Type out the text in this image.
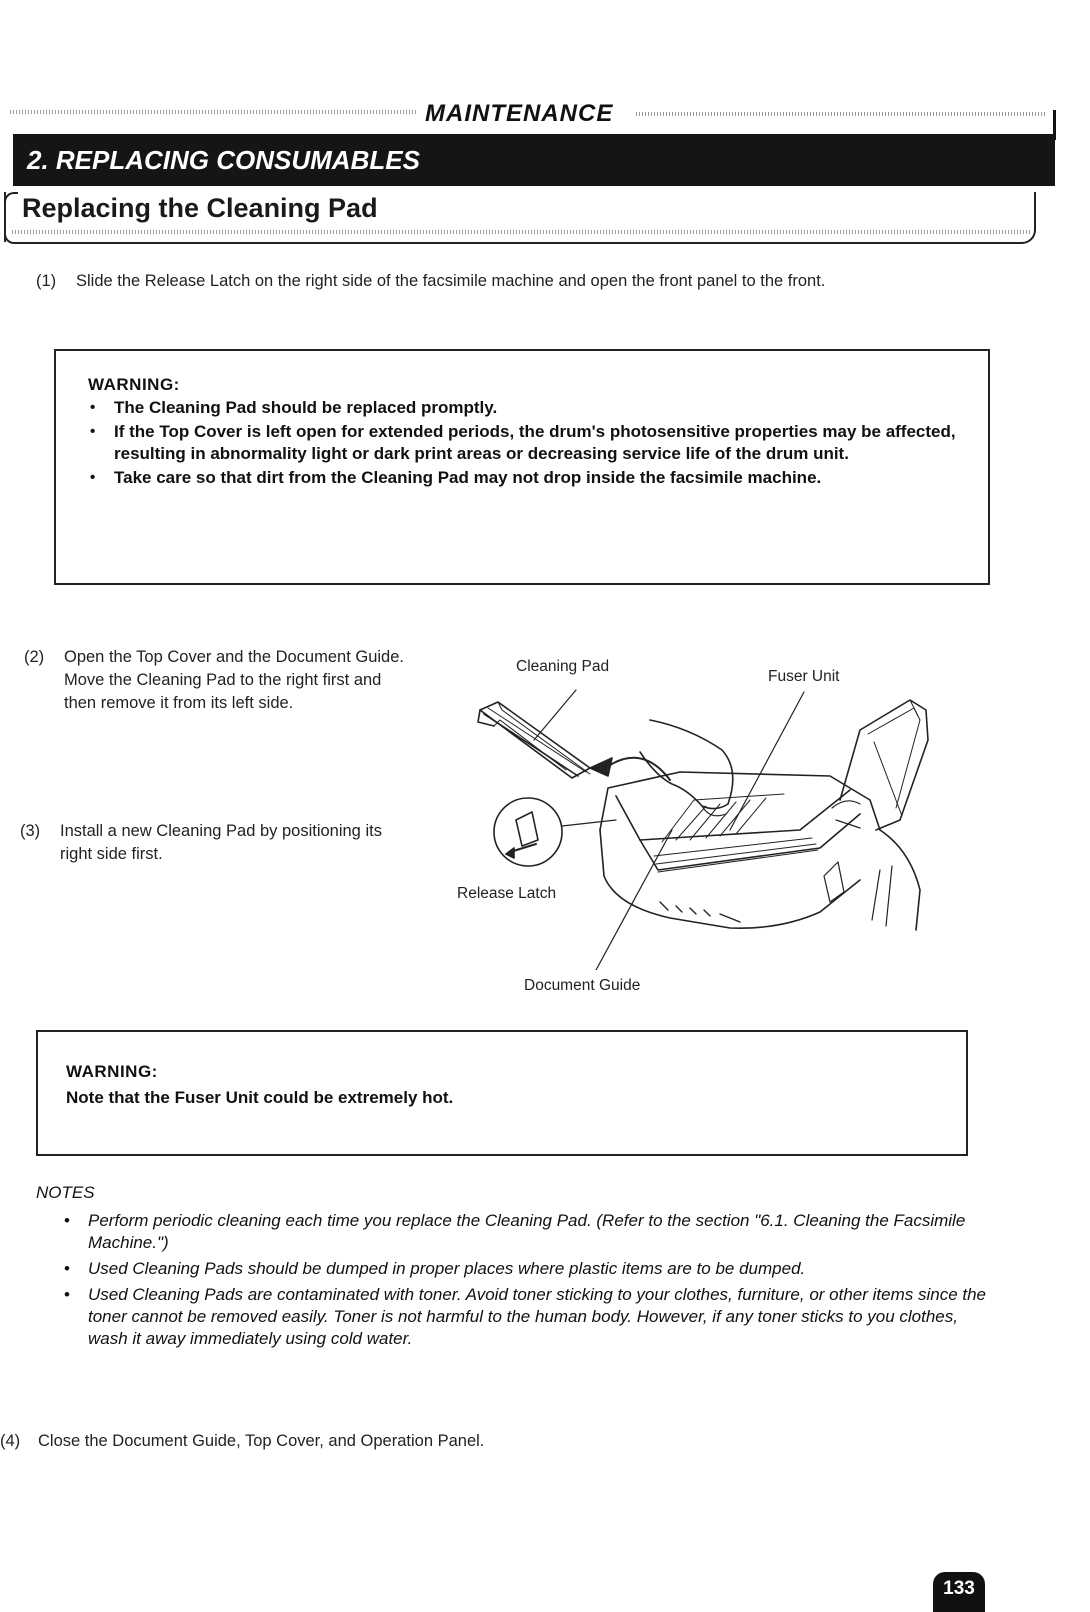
MAINTENANCE
2. REPLACING CONSUMABLES
Replacing the Cleaning Pad
(1)	Slide the Release Latch on the right side of the facsimile machine and open the front panel to the front.
WARNING:
• The Cleaning Pad should be replaced promptly.
• If the Top Cover is left open for extended periods, the drum's photosensitive properties may be affected, resulting in abnormality light or dark print areas or decreasing service life of the drum unit.
• Take care so that dirt from the Cleaning Pad may not drop inside the facsimile machine.
(2)	Open the Top Cover and the Document Guide. Move the Cleaning Pad to the right first and then remove it from its left side.
(3)	Install a new Cleaning Pad by positioning its right side first.
Cleaning Pad
Fuser Unit
Release Latch
Document Guide
WARNING:
Note that the Fuser Unit could be extremely hot.
NOTES
• Perform periodic cleaning each time you replace the Cleaning Pad. (Refer to the section "6.1. Cleaning the Facsimile Machine.")
• Used Cleaning Pads should be dumped in proper places where plastic items are to be dumped.
• Used Cleaning Pads are contaminated with toner. Avoid toner sticking to your clothes, furniture, or other items since the toner cannot be removed easily. Toner is not harmful to the human body. However, if any toner sticks to you clothes, wash it away immediately using cold water.
(4)	Close the Document Guide, Top Cover, and Operation Panel.
133
